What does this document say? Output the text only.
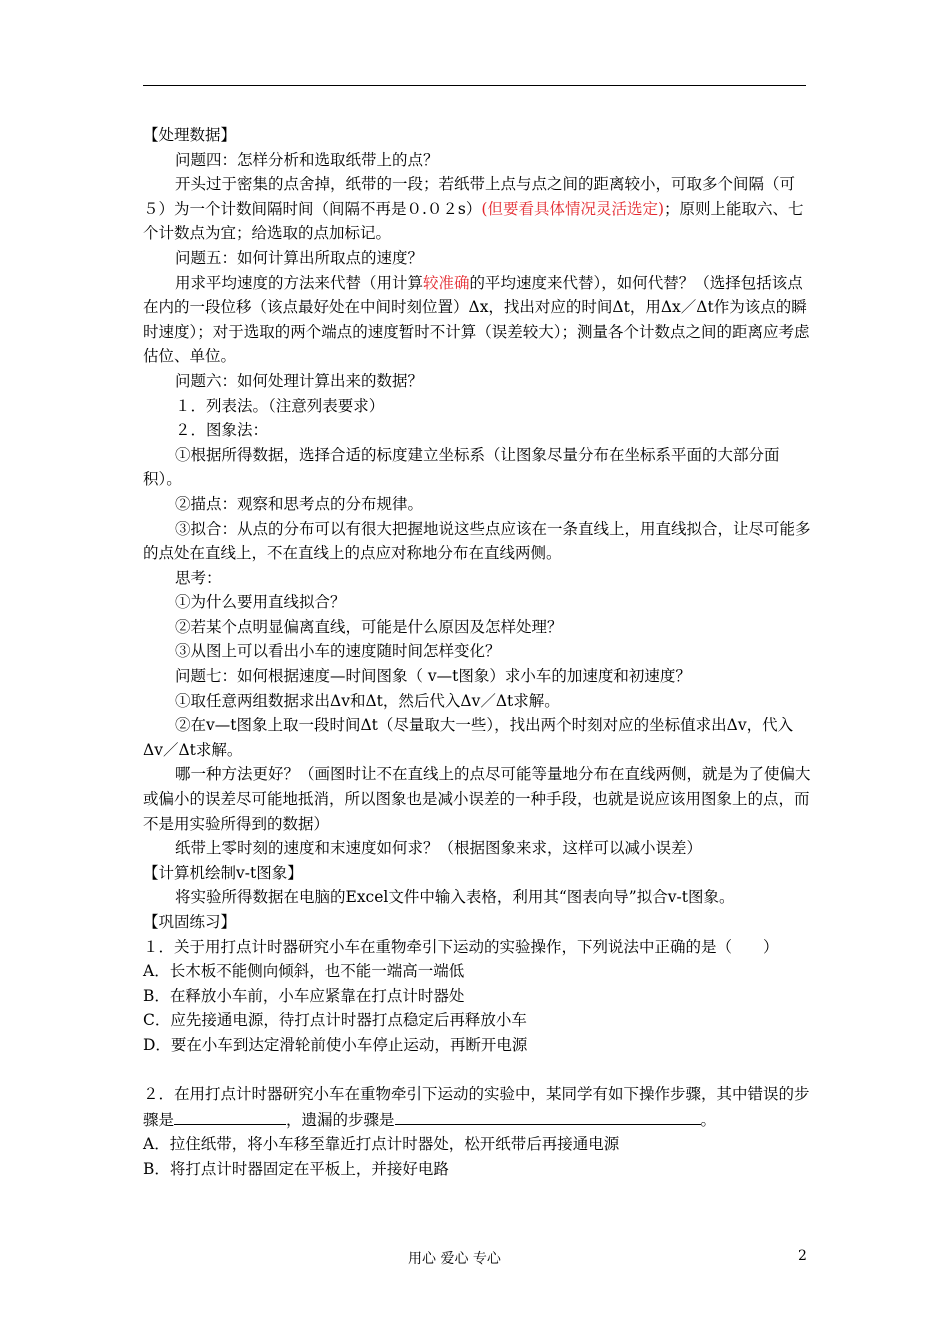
【处理数据】

问题四：怎样分析和选取纸带上的点？

开头过于密集的点舍掉，纸带的一段；若纸带上点与点之间的距离较小，可取多个间隔（可５）为一个计数间隔时间（间隔不再是０.０２s）(但要看具体情况灵活选定)；原则上能取六、七个计数点为宜；给选取的点加标记。

问题五：如何计算出所取点的速度？

用求平均速度的方法来代替（用计算较准确的平均速度来代替），如何代替？（选择包括该点在内的一段位移（该点最好处在中间时刻位置）Δx，找出对应的时间Δt，用Δx／Δt作为该点的瞬时速度）；对于选取的两个端点的速度暂时不计算（误差较大）；测量各个计数点之间的距离应考虑估位、单位。

问题六：如何处理计算出来的数据？

１．列表法。（注意列表要求）

２．图象法：

①根据所得数据，选择合适的标度建立坐标系（让图象尽量分布在坐标系平面的大部分面积）。

②描点：观察和思考点的分布规律。

③拟合：从点的分布可以有很大把握地说这些点应该在一条直线上，用直线拟合，让尽可能多的点处在直线上，不在直线上的点应对称地分布在直线两侧。

思考：

①为什么要用直线拟合？

②若某个点明显偏离直线，可能是什么原因及怎样处理？

③从图上可以看出小车的速度随时间怎样变化？

问题七：如何根据速度—时间图象（ v—t图象）求小车的加速度和初速度？

①取任意两组数据求出Δv和Δt，然后代入Δv／Δt求解。

②在v—t图象上取一段时间Δt（尽量取大一些），找出两个时刻对应的坐标值求出Δv，代入Δv／Δt求解。

哪一种方法更好？（画图时让不在直线上的点尽可能等量地分布在直线两侧，就是为了使偏大或偏小的误差尽可能地抵消，所以图象也是减小误差的一种手段，也就是说应该用图象上的点，而不是用实验所得到的数据）

纸带上零时刻的速度和末速度如何求？（根据图象来求，这样可以减小误差）

【计算机绘制v-t图象】

将实验所得数据在电脑的Excel文件中输入表格，利用其“图表向导”拟合v-t图象。

【巩固练习】

１．关于用打点计时器研究小车在重物牵引下运动的实验操作，下列说法中正确的是（　　）

A．长木板不能侧向倾斜，也不能一端高一端低

B．在释放小车前，小车应紧靠在打点计时器处

C．应先接通电源，待打点计时器打点稳定后再释放小车

D．要在小车到达定滑轮前使小车停止运动，再断开电源

２．在用打点计时器研究小车在重物牵引下运动的实验中，某同学有如下操作步骤，其中错误的步骤是	，遗漏的步骤是	。

A．拉住纸带，将小车移至靠近打点计时器处，松开纸带后再接通电源

B．将打点计时器固定在平板上，并接好电路

用心 爱心 专心	2
